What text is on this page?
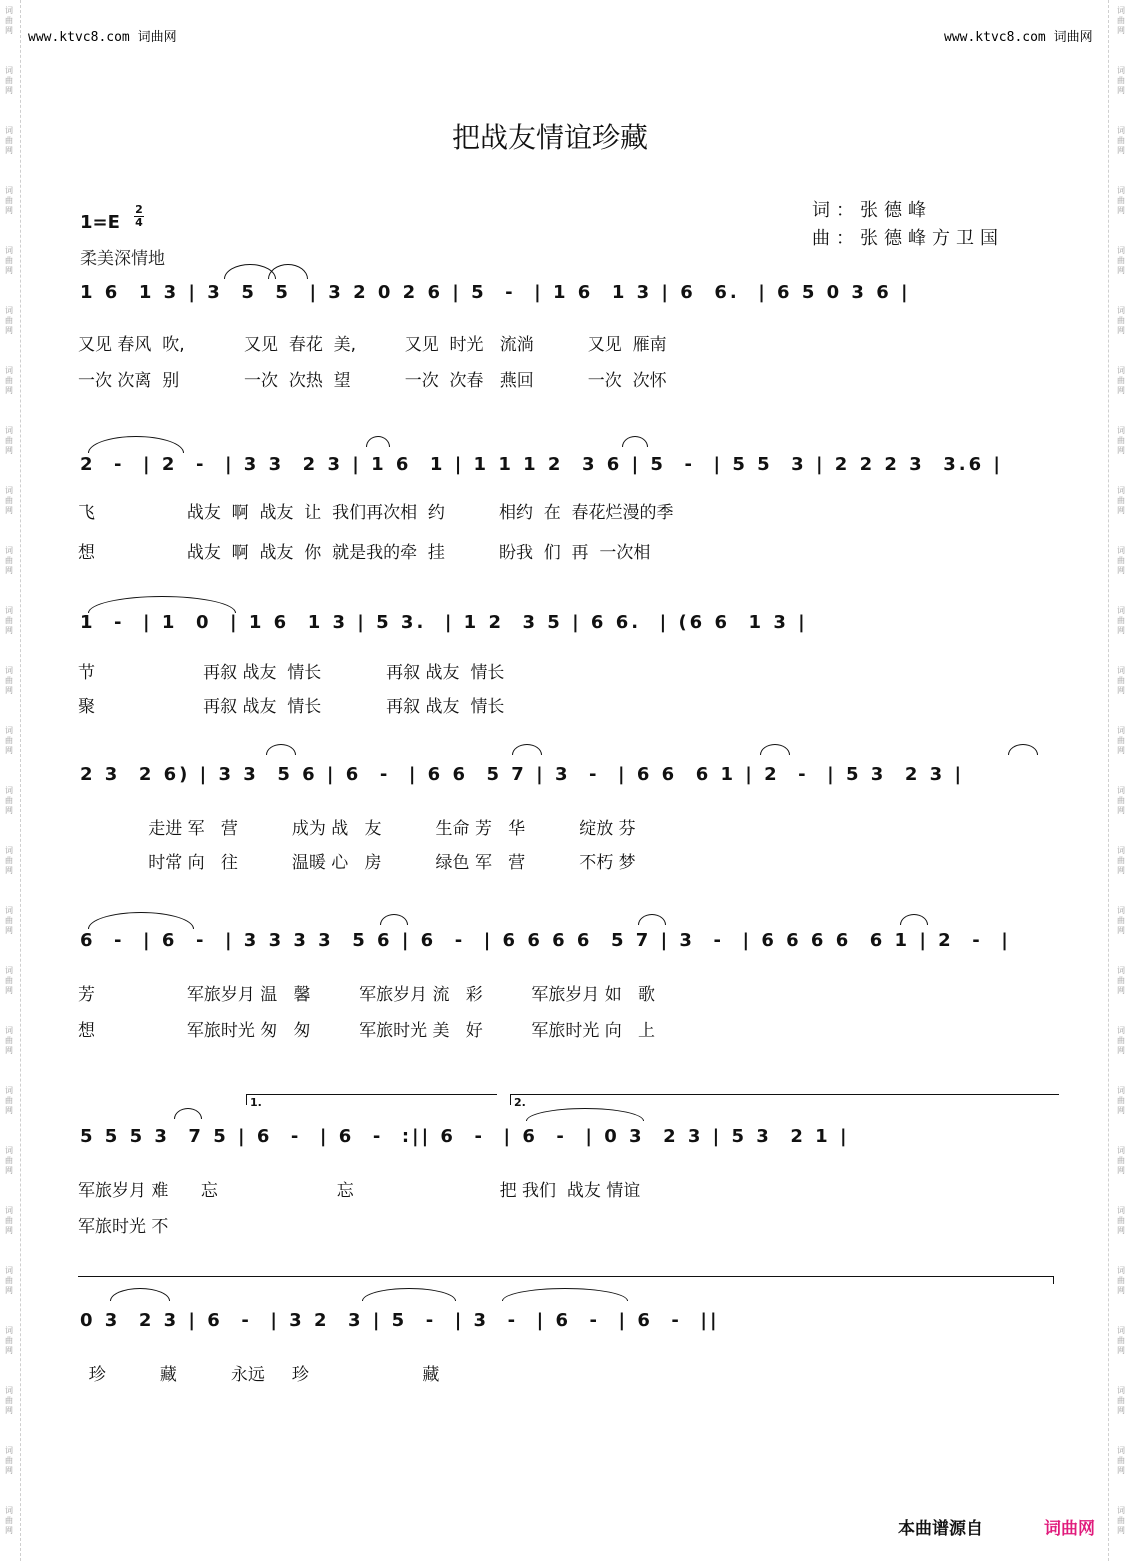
词
曲
网
词
曲
网
词
曲
网
词
曲
网
词
曲
网
词
曲
网
词
曲
网
词
曲
网
词
曲
网
词
曲
网
词
曲
网
词
曲
网
词
曲
网
词
曲
网
词
曲
网
词
曲
网
词
曲
网
词
曲
网
词
曲
网
词
曲
网
词
曲
网
词
曲
网
词
曲
网
词
曲
网
词
曲
网
词
曲
网
词
曲
网
词
曲
网
词
曲
网
词
曲
网
词
曲
网
词
曲
网
词
曲
网
词
曲
网
词
曲
网
词
曲
网
词
曲
网
词
曲
网
词
曲
网
词
曲
网
词
曲
网
词
曲
网
词
曲
网
词
曲
网
词
曲
网
词
曲
网
词
曲
网
词
曲
网
词
曲
网
词
曲
网
词
曲
网
词
曲
网
www.ktvc8.com 词曲网	www.ktvc8.com 词曲网
把战友情谊珍藏
词：张德峰
曲：张德峰方卫国
1=E
2
4
柔美深情地
1 6  1 3 | 3  5  5  | 3 2 0 2 6 | 5  -  | 1 6  1 3 | 6  6.  | 6 5 0 3 6 |
又见 春风  吹,           又见  春花  美,         又见  时光   流淌          又见  雁南
一次 次离  别            一次  次热  望          一次  次春   燕回          一次  次怀
2  -  | 2  -  | 3 3  2 3 | 1 6  1 | 1 1 1 2  3 6 | 5  -  | 5 5  3 | 2 2 2 3  3.6 |
飞                 战友  啊  战友  让  我们再次相  约          相约  在  春花烂漫的季
想                 战友  啊  战友  你  就是我的牵  挂          盼我  们  再  一次相
1  -  | 1  0  | 1 6  1 3 | 5 3.  | 1 2  3 5 | 6 6.  | (6 6  1 3 |
节                    再叙 战友  情长            再叙 战友  情长
聚                    再叙 战友  情长            再叙 战友  情长
2 3  2 6) | 3 3  5 6 | 6  -  | 6 6  5 7 | 3  -  | 6 6  6 1 | 2  -  | 5 3  2 3 |
走进 军   营          成为 战   友          生命 芳   华          绽放 芬
时常 向   往          温暖 心   房          绿色 军   营          不朽 梦
6  -  | 6  -  | 3 3 3 3  5 6 | 6  -  | 6 6 6 6  5 7 | 3  -  | 6 6 6 6  6 1 | 2  -  |
芳                 军旅岁月 温   馨         军旅岁月 流   彩         军旅岁月 如   歌
想                 军旅时光 匆   匆         军旅时光 美   好         军旅时光 向   上
1.	2.
5 5 5 3  7 5 | 6  -  | 6  -  :|| 6  -  | 6  -  | 0 3  2 3 | 5 3  2 1 |
军旅岁月 难      忘                      忘                           把 我们  战友 情谊
军旅时光 不
0 3  2 3 | 6  -  | 3 2  3 | 5  -  | 3  -  | 6  -  | 6  -  ||
珍          藏          永远     珍                     藏
本曲谱源自	词曲网
